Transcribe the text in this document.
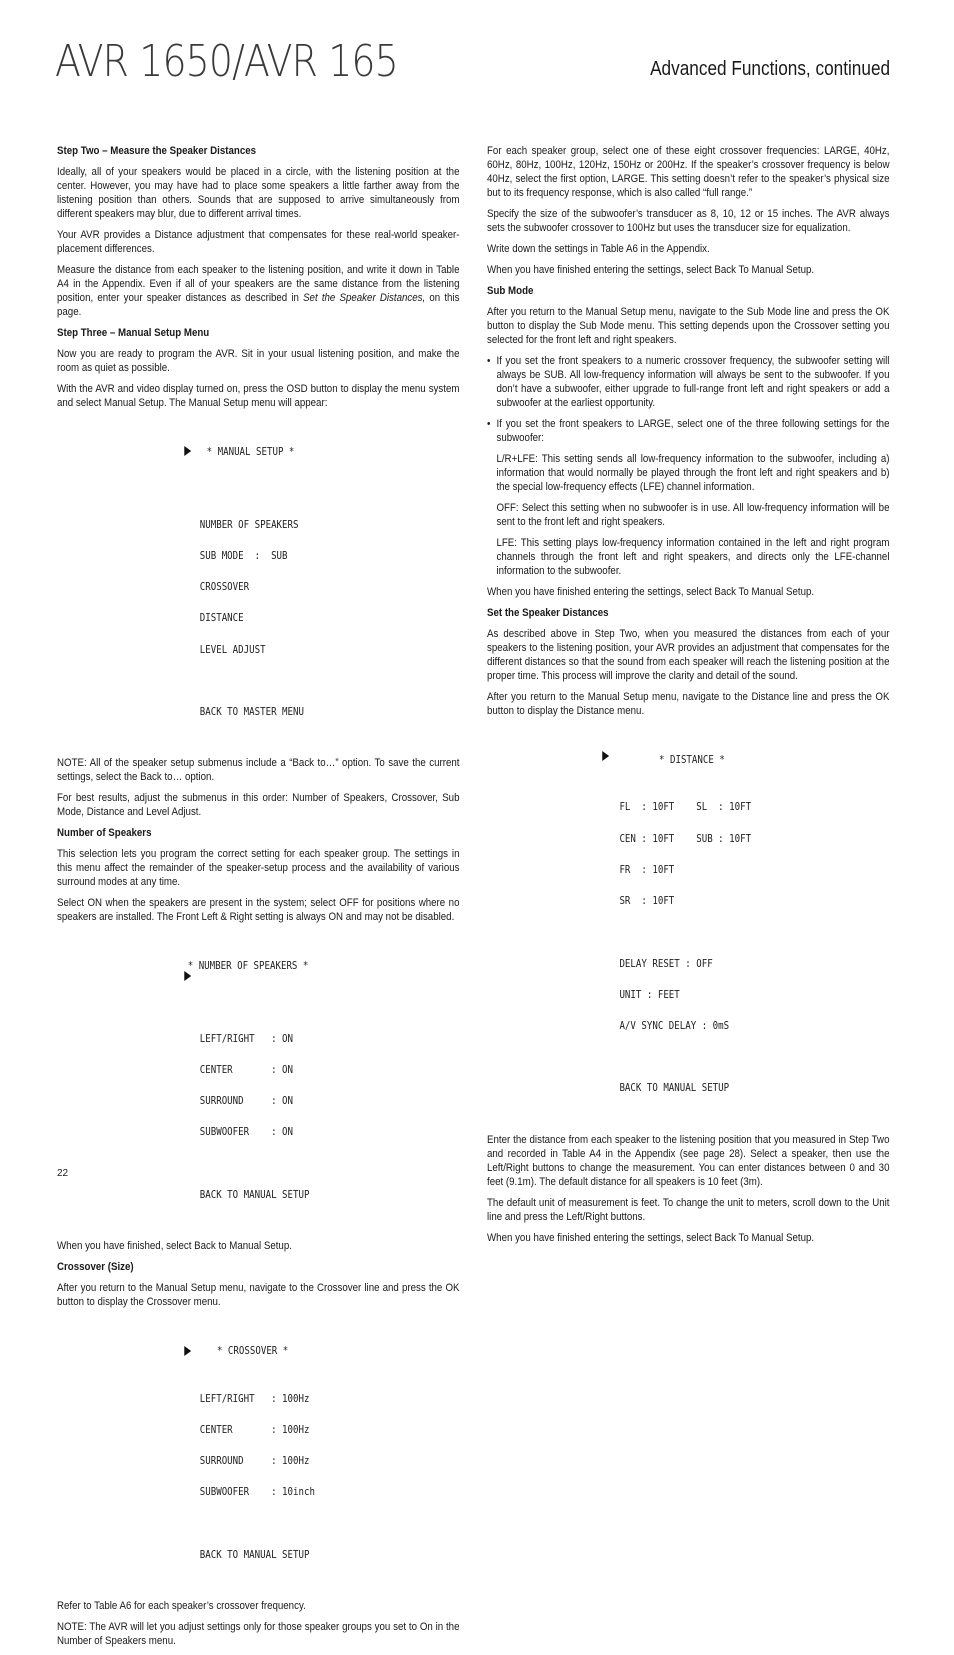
AVR 1650/AVR 165	Advanced Functions, continued
Step Two – Measure the Speaker Distances

Ideally, all of your speakers would be placed in a circle, with the listening position at the center. However, you may have had to place some speakers a little farther away from the listening position than others. Sounds that are supposed to arrive simultaneously from different speakers may blur, due to different arrival times.

Your AVR provides a Distance adjustment that compensates for these real-world speaker-placement differences.

Measure the distance from each speaker to the listening position, and write it down in Table A4 in the Appendix. Even if all of your speakers are the same distance from the listening position, enter your speaker distances as described in Set the Speaker Distances, on this page.

Step Three – Manual Setup Menu

Now you are ready to program the AVR. Sit in your usual listening position, and make the room as quiet as possible.

With the AVR and video display turned on, press the OSD button to display the menu system and select Manual Setup. The Manual Setup menu will appear:

* MANUAL SETUP *

NUMBER OF SPEAKERS

SUB MODE  :  SUB

CROSSOVER

DISTANCE

LEVEL ADJUST

BACK TO MASTER MENU

NOTE: All of the speaker setup submenus include a “Back to…” option. To save the current settings, select the Back to… option.

For best results, adjust the submenus in this order: Number of Speakers, Crossover, Sub Mode, Distance and Level Adjust.

Number of Speakers

This selection lets you program the correct setting for each speaker group. The settings in this menu affect the remainder of the speaker-setup process and the availability of various surround modes at any time.

Select ON when the speakers are present in the system; select OFF for positions where no speakers are installed. The Front Left & Right setting is always ON and may not be disabled.

* NUMBER OF SPEAKERS *

LEFT/RIGHT   : ON

CENTER       : ON

SURROUND     : ON

SUBWOOFER    : ON

BACK TO MANUAL SETUP

When you have finished, select Back to Manual Setup.

Crossover (Size)

After you return to the Manual Setup menu, navigate to the Crossover line and press the OK button to display the Crossover menu.

* CROSSOVER *

LEFT/RIGHT   : 100Hz

CENTER       : 100Hz

SURROUND     : 100Hz

SUBWOOFER    : 10inch

BACK TO MANUAL SETUP

Refer to Table A6 for each speaker’s crossover frequency.

NOTE: The AVR will let you adjust settings only for those speaker groups you set to On in the Number of Speakers menu.

For each speaker group, select one of these eight crossover frequencies: LARGE, 40Hz, 60Hz, 80Hz, 100Hz, 120Hz, 150Hz or 200Hz. If the speaker’s crossover frequency is below 40Hz, select the first option, LARGE. This setting doesn’t refer to the speaker’s physical size but to its frequency response, which is also called “full range.”

Specify the size of the subwoofer’s transducer as 8, 10, 12 or 15 inches. The AVR always sets the subwoofer crossover to 100Hz but uses the transducer size for equalization.

Write down the settings in Table A6 in the Appendix.

When you have finished entering the settings, select Back To Manual Setup.

Sub Mode

After you return to the Manual Setup menu, navigate to the Sub Mode line and press the OK button to display the Sub Mode menu. This setting depends upon the Crossover setting you selected for the front left and right speakers.

• If you set the front speakers to a numeric crossover frequency, the subwoofer setting will always be SUB. All low-frequency information will always be sent to the subwoofer. If you don’t have a subwoofer, either upgrade to full-range front left and right speakers or add a subwoofer at the earliest opportunity.
• If you set the front speakers to LARGE, select one of the three following settings for the subwoofer:

L/R+LFE: This setting sends all low-frequency information to the subwoofer, including a) information that would normally be played through the front left and right speakers and b) the special low-frequency effects (LFE) channel information.

OFF: Select this setting when no subwoofer is in use. All low-frequency information will be sent to the front left and right speakers.

LFE: This setting plays low-frequency information contained in the left and right program channels through the front left and right speakers, and directs only the LFE-channel information to the subwoofer.

When you have finished entering the settings, select Back To Manual Setup.

Set the Speaker Distances

As described above in Step Two, when you measured the distances from each of your speakers to the listening position, your AVR provides an adjustment that compensates for the different distances so that the sound from each speaker will reach the listening position at the proper time. This process will improve the clarity and detail of the sound.

After you return to the Manual Setup menu, navigate to the Distance line and press the OK button to display the Distance menu.

* DISTANCE *

FL  : 10FT    SL  : 10FT

CEN : 10FT    SUB : 10FT

FR  : 10FT

SR  : 10FT

DELAY RESET : OFF

UNIT : FEET

A/V SYNC DELAY : 0mS

BACK TO MANUAL SETUP

Enter the distance from each speaker to the listening position that you measured in Step Two and recorded in Table A4 in the Appendix (see page 28). Select a speaker, then use the Left/Right buttons to change the measurement. You can enter distances between 0 and 30 feet (9.1m). The default distance for all speakers is 10 feet (3m).

The default unit of measurement is feet. To change the unit to meters, scroll down to the Unit line and press the Left/Right buttons.

When you have finished entering the settings, select Back To Manual Setup.

22
